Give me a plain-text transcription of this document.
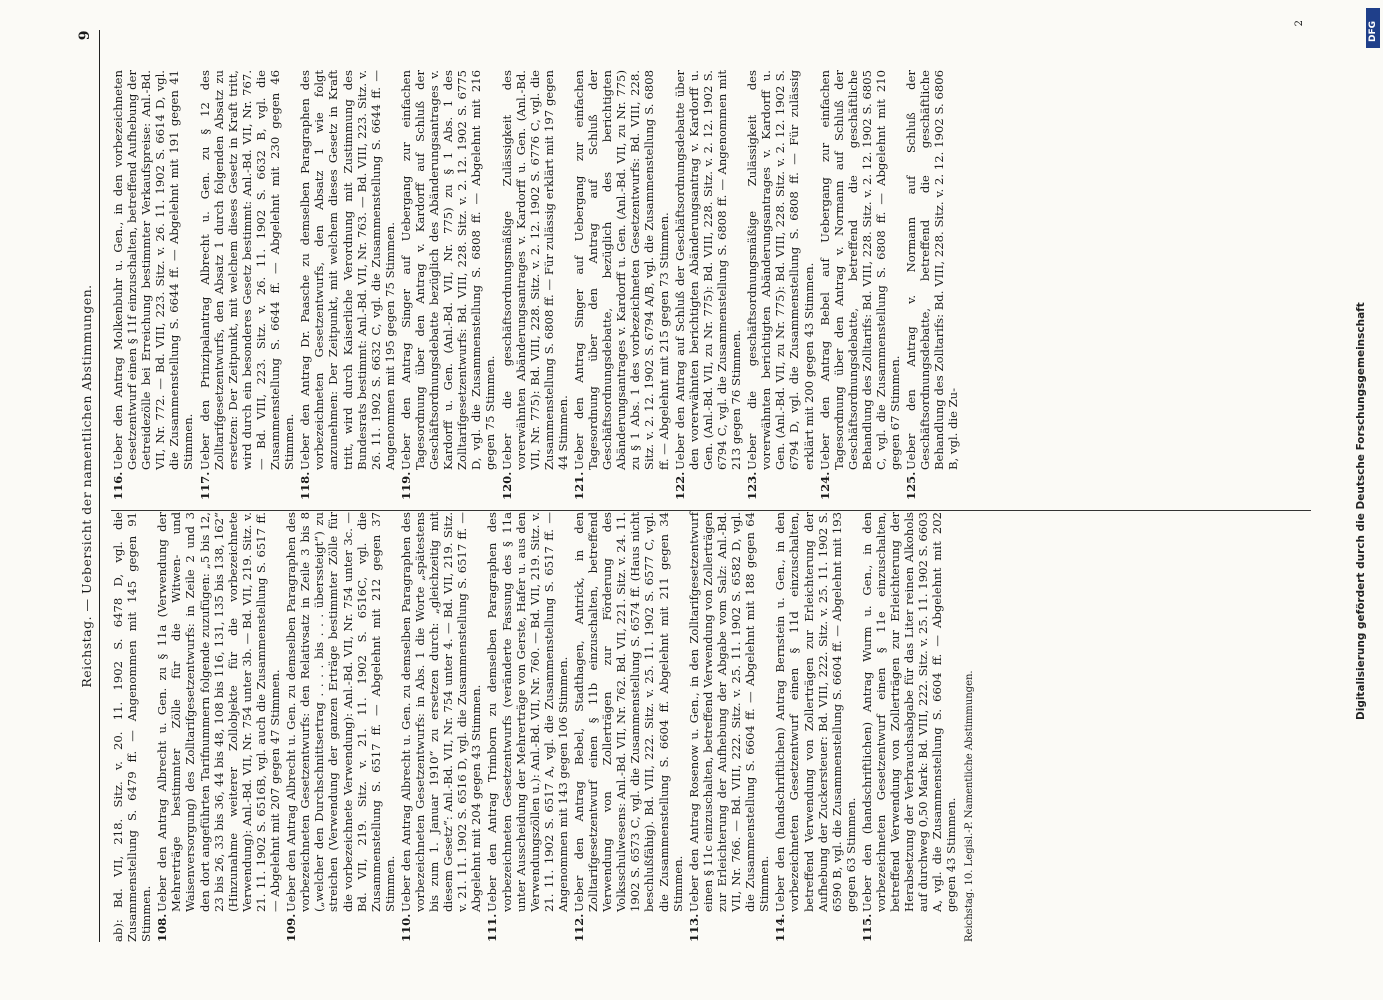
Reichstag. — Uebersicht der namentlichen Abstimmungen.
9
ab): Bd. VII, 218. Sitz. v. 20. 11. 1902 S. 6478 D, vgl. die Zusammenstellung S. 6479 ff. — Angenommen mit 145 gegen 91 Stimmen. 108.
Ueber den Antrag Albrecht u. Gen. zu § 11a (Verwendung der Mehrerträge bestimmter Zölle für die Witwen- und Waisenversorgung) des Zolltarifgesetzentwurfs: in Zeile 2 und 3 den dort angeführten Tarifnummern folgende zuzufügen: „5 bis 12, 23 bis 26, 33 bis 36, 44 bis 48, 108 bis 116, 131, 135 bis 138, 162“ (Hinzunahme weiterer Zollobjekte für die vorbezeichnete Verwendung): Anl.-Bd. VII, Nr. 754 unter 3b. — Bd. VII, 219. Sitz. v. 21. 11. 1902 S. 6516B, vgl. auch die Zusammenstellung S. 6517 ff. — Abgelehnt mit 207 gegen 47 Stimmen.
109.
Ueber den Antrag Albrecht u. Gen. zu demselben Paragraphen des vorbezeichneten Gesetzentwurfs: den Relativsatz in Zeile 3 bis 8 („welcher den Durchschnittsertrag . . . . bis . . . überssteigt“) zu streichen (Verwendung der ganzen Erträge bestimmter Zölle für die vorbezeichnete Verwendung): Anl.-Bd. VII, Nr. 754 unter 3c. — Bd. VII, 219. Sitz. v. 21. 11. 1902 S. 6516C, vgl. die Zusammenstellung S. 6517 ff. — Abgelehnt mit 212 gegen 37 Stimmen.
110.
Ueber den Antrag Albrecht u. Gen. zu demselben Paragraphen des vorbezeichneten Gesetzentwurfs: in Abs. 1 die Worte „spätestens bis zum 1. Januar 1910“ zu ersetzen durch: „gleichzeitig mit diesem Gesetz“: Anl.-Bd. VII, Nr. 754 unter 4. — Bd. VII, 219. Sitz. v. 21. 11. 1902 S. 6516 D, vgl. die Zusammenstellung S. 6517 ff. — Abgelehnt mit 204 gegen 43 Stimmen.
111.
Ueber den Antrag Trimborn zu demselben Paragraphen des vorbezeichneten Gesetzentwurfs (veränderte Fassung des § 11a unter Ausscheidung der Mehrerträge von Gerste, Hafer u. aus den Verwendungszöllen u.): Anl.-Bd. VII, Nr. 760. — Bd. VII, 219. Sitz. v. 21. 11. 1902 S. 6517 A, vgl. die Zusammenstellung S. 6517 ff. — Angenommen mit 143 gegen 106 Stimmen.
112.
Ueber den Antrag Bebel, Stadthagen, Antrick, in den Zolltarifgesetzentwurf einen § 11b einzuschalten, betreffend Verwendung von Zollerträgen zur Förderung des Volksschulwesens: Anl.-Bd. VII, Nr. 762. Bd. VII, 221. Sitz. v. 24. 11. 1902 S. 6573 C, vgl. die Zusammenstellung S. 6574 ff. (Haus nicht beschlußfähig). Bd. VIII, 222. Sitz. v. 25. 11. 1902 S. 6577 C, vgl. die Zusammenstellung S. 6604 ff. Abgelehnt mit 211 gegen 34 Stimmen.
113.
Ueber den Antrag Rosenow u. Gen., in den Zolltarifgesetzentwurf einen § 11c einzuschalten, betreffend Verwendung von Zollerträgen zur Erleichterung der Aufhebung der Abgabe vom Salz: Anl.-Bd. VII, Nr. 766. — Bd. VIII, 222. Sitz. v. 25. 11. 1902 S. 6582 D, vgl. die Zusammenstellung S. 6604 ff. — Abgelehnt mit 188 gegen 64 Stimmen.
114.
Ueber den (handschriftlichen) Antrag Bernstein u. Gen., in den vorbezeichneten Gesetzentwurf einen § 11d einzuschalten, betreffend Verwendung von Zollerträgen zur Erleichterung der Aufhebung der Zuckersteuer: Bd. VIII, 222. Sitz. v. 25. 11. 1902 S. 6590 B, vgl. die Zusammenstellung S. 6604 ff. — Abgelehnt mit 193 gegen 63 Stimmen.
115.
Ueber den (handschriftlichen) Antrag Wurm u. Gen., in den vorbezeichneten Gesetzentwurf einen § 11e einzuschalten, betreffend Verwendung von Zollerträgen zur Erleichterung der Herabsetzung der Verbrauchsabgabe für das Liter reinen Alkohols auf durchweg 0,50 Mark: Bd. VIII, 222. Sitz. v. 25. 11. 1902 S. 6603 A, vgl. die Zusammenstellung S. 6604 ff. — Abgelehnt mit 202 gegen 43 Stimmen. Reichstag. 10. Legisl.-P. Namentliche Abstimmungen.
116.
Ueber den Antrag Molkenbuhr u. Gen., in den vorbezeichneten Gesetzentwurf einen § 11f einzuschalten, betreffend Aufhebung der Getreidezölle bei Erreichung bestimmter Verkaufspreise: Anl.-Bd. VII, Nr. 772. — Bd. VIII, 223. Sitz. v. 26. 11. 1902 S. 6614 D, vgl. die Zusammenstellung S. 6644 ff. — Abgelehnt mit 191 gegen 41 Stimmen.
117.
Ueber den Prinzipalantrag Albrecht u. Gen. zu § 12 des Zolltarifgesetzentwurfs, den Absatz 1 durch folgenden Absatz zu ersetzen: Der Zeitpunkt, mit welchem dieses Gesetz in Kraft tritt, wird durch ein besonderes Gesetz bestimmt: Anl.-Bd. VII, Nr. 767. — Bd. VIII, 223. Sitz. v. 26. 11. 1902 S. 6632 B, vgl. die Zusammenstellung S. 6644 ff. — Abgelehnt mit 230 gegen 46 Stimmen.
118.
Ueber den Antrag Dr. Paasche zu demselben Paragraphen des vorbezeichneten Gesetzentwurfs, den Absatz 1 wie folgt anzunehmen: Der Zeitpunkt, mit welchem dieses Gesetz in Kraft tritt, wird durch Kaiserliche Verordnung mit Zustimmung des Bundesrats bestimmt: Anl.-Bd. VII, Nr. 763. — Bd. VIII, 223. Sitz. v. 26. 11. 1902 S. 6632 C, vgl. die Zusammenstellung S. 6644 ff. — Angenommen mit 195 gegen 75 Stimmen.
119.
Ueber den Antrag Singer auf Uebergang zur einfachen Tagesordnung über den Antrag v. Kardorff auf Schluß der Geschäftsordnungsdebatte bezüglich des Abänderungsantrages v. Kardorff u. Gen. (Anl.-Bd. VII, Nr. 775) zu § 1 Abs. 1 des Zolltarifgesetzentwurfs: Bd. VIII, 228. Sitz. v. 2. 12. 1902 S. 6775 D, vgl. die Zusammenstellung S. 6808 ff. — Abgelehnt mit 216 gegen 75 Stimmen.
120.
Ueber die geschäftsordnungsmäßige Zulässigkeit des vorerwähnten Abänderungsantrages v. Kardorff u. Gen. (Anl.-Bd. VII, Nr. 775): Bd. VIII, 228. Sitz. v. 2. 12. 1902 S. 6776 C, vgl. die Zusammenstellung S. 6808 ff. — Für zulässig erklärt mit 197 gegen 44 Stimmen.
121.
Ueber den Antrag Singer auf Uebergang zur einfachen Tagesordnung über den Antrag auf Schluß der Geschäftsordnungsdebatte, bezüglich des berichtigten Abänderungsantrages v. Kardorff u. Gen. (Anl.-Bd. VII, zu Nr. 775) zu § 1 Abs. 1 des vorbezeichneten Gesetzentwurfs: Bd. VIII, 228. Sitz. v. 2. 12. 1902 S. 6794 A/B, vgl. die Zusammenstellung S. 6808 ff. — Abgelehnt mit 215 gegen 73 Stimmen.
122.
Ueber den Antrag auf Schluß der Geschäftsordnungsdebatte über den vorerwähnten berichtigten Abänderungsantrag v. Kardorff u. Gen. (Anl.-Bd. VII, zu Nr. 775): Bd. VIII, 228. Sitz. v. 2. 12. 1902 S. 6794 C, vgl. die Zusammenstellung S. 6808 ff. — Angenommen mit 213 gegen 76 Stimmen.
123.
Ueber die geschäftsordnungsmäßige Zulässigkeit des vorerwähnten berichtigten Abänderungsantrages v. Kardorff u. Gen. (Anl.-Bd. VII, zu Nr. 775): Bd. VIII, 228. Sitz. v. 2. 12. 1902 S. 6794 D, vgl. die Zusammenstellung S. 6808 ff. — Für zulässig erklärt mit 200 gegen 43 Stimmen.
124.
Ueber den Antrag Bebel auf Uebergang zur einfachen Tagesordnung über den Antrag v. Normann auf Schluß der Geschäftsordnungsdebatte, betreffend die geschäftliche Behandlung des Zolltarifs: Bd. VIII, 228. Sitz. v. 2. 12. 1902 S. 6805 C, vgl. die Zusammenstellung S. 6808 ff. — Abgelehnt mit 210 gegen 67 Stimmen.
125.
Ueber den Antrag v. Normann auf Schluß der Geschäftsordnungsdebatte, betreffend die geschäftliche Behandlung des Zolltarifs: Bd. VIII, 228. Sitz. v. 2. 12. 1902 S. 6806 B, vgl. die Zu-
2
Digitalisierung gefördert durch die Deutsche Forschungsgemeinschaft
DFG
